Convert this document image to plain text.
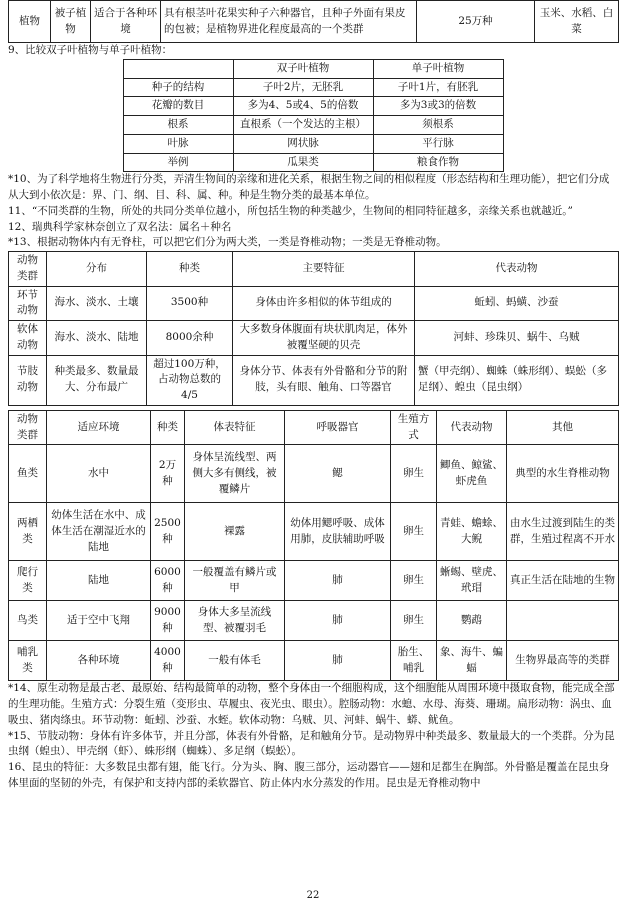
植物	被子植物	适合于各种环境	具有根茎叶花果实种子六种器官，且种子外面有果皮的包被；是植物界进化程度最高的一个类群	25万种	玉米、水稻、白菜

9、比较双子叶植物与单子叶植物：

	双子叶植物	单子叶植物
种子的结构	子叶2片，无胚乳	子叶1片，有胚乳
花瓣的数目	多为4、5或4、5的倍数	多为3或3的倍数
根系	直根系（一个发达的主根）	须根系
叶脉	网状脉	平行脉
举例	瓜果类	粮食作物

*10、为了科学地将生物进行分类，弄清生物间的亲缘和进化关系，根据生物之间的相似程度（形态结构和生理功能），把它们分成从大到小依次是：界、门、纲、目、科、属、种。种是生物分类的最基本单位。

11、“不同类群的生物，所处的共同分类单位越小，所包括生物的种类越少，生物间的相同特征越多，亲缘关系也就越近。”

12、瑞典科学家林奈创立了双名法：属名＋种名

*13、根据动物体内有无脊柱，可以把它们分为两大类，一类是脊椎动物；一类是无脊椎动物。

动物类群	分布	种类	主要特征	代表动物
环节动物	海水、淡水、土壤	3500种	身体由许多相似的体节组成的	蚯蚓、蚂蟥、沙蚕
软体动物	海水、淡水、陆地	8000余种	大多数身体腹面有块状肌肉足，体外被覆坚硬的贝壳	河蚌、珍珠贝、蜗牛、乌贼
节肢动物	种类最多、数量最大、分布最广	超过100万种，占动物总数的4/5	身体分节、体表有外骨骼和分节的附肢，头有眼、触角、口等器官	蟹（甲壳纲）、蜘蛛（蛛形纲）、蜈蚣（多足纲）、蝗虫（昆虫纲）
动物类群	适应环境	种类	体表特征	呼吸器官	生殖方式	代表动物	其他
鱼类	水中	2万种	身体呈流线型、两侧大多有侧线，被覆鳞片	鳃	卵生	鲫鱼、鲸鲨、虾虎鱼	典型的水生脊椎动物
两栖类	幼体生活在水中、成体生活在潮湿近水的陆地	2500种	裸露	幼体用鳃呼吸、成体用肺，皮肤辅助呼吸	卵生	青蛙、蟾蜍、大鲵	由水生过渡到陆生的类群，生殖过程离不开水
爬行类	陆地	6000种	一般覆盖有鳞片或甲	肺	卵生	蜥蜴、壁虎、玳瑁	真正生活在陆地的生物
鸟类	适于空中飞翔	9000种	身体大多呈流线型、被覆羽毛	肺	卵生	鹦鹉	
哺乳类	各种环境	4000种	一般有体毛	肺	胎生、哺乳	象、海牛、蝙蝠	生物界最高等的类群

*14、原生动物是最古老、最原始、结构最简单的动物，整个身体由一个细胞构成，这个细胞能从周围环境中摄取食物，能完成全部的生理功能。生殖方式：分裂生殖（变形虫、草履虫、夜光虫、眼虫）。腔肠动物：水螅、水母、海葵、珊瑚。扁形动物：涡虫、血吸虫、猪肉绦虫。环节动物：蚯蚓、沙蚕、水蛭。软体动物：乌贼、贝、河蚌、蜗牛、蟒、鱿鱼。

*15、节肢动物：身体有许多体节，并且分部，体表有外骨骼，足和触角分节。是动物界中种类最多、数量最大的一个类群。分为昆虫纲（蝗虫）、甲壳纲（虾）、蛛形纲（蜘蛛）、多足纲（蜈蚣）。

16、昆虫的特征：大多数昆虫都有翅，能飞行。分为头、胸、腹三部分，运动器官——翅和足都生在胸部。外骨骼是覆盖在昆虫身体里面的坚韧的外壳，有保护和支持内部的柔软器官、防止体内水分蒸发的作用。昆虫是无脊椎动物中

22
